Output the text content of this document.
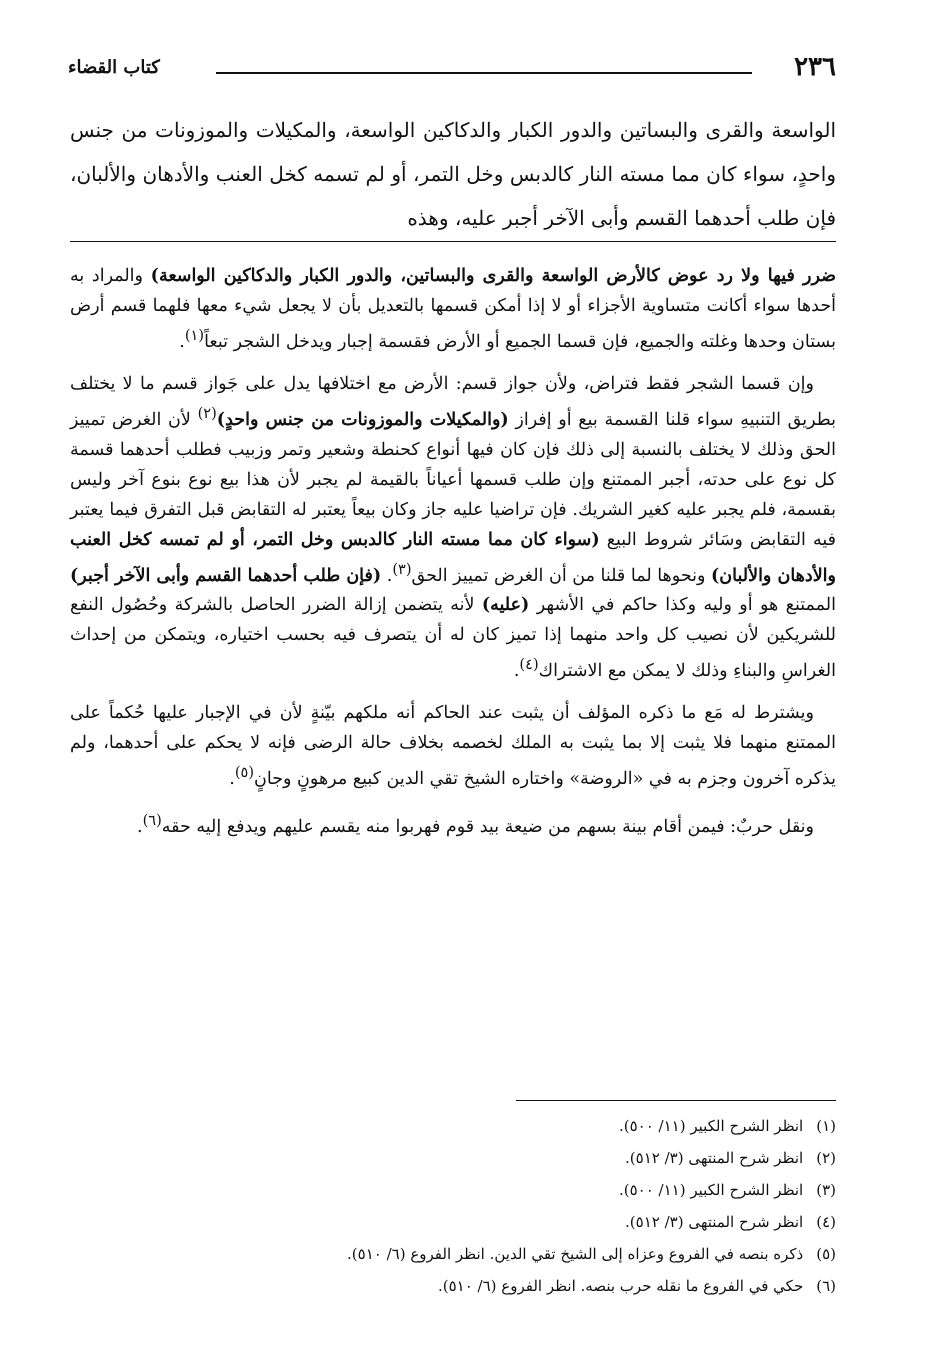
٢٣٦
كتاب القضاء

الواسعة والقرى والبساتين والدور الكبار والدكاكين الواسعة، والمكيلات والموزونات من جنس واحدٍ، سواء كان مما مسته النار كالدبس وخل التمر، أو لم تسمه كخل العنب والأدهان والألبان، فإن طلب أحدهما القسم وأبى الآخر أجبر عليه، وهذه

ضرر فيها ولا رد عوض كالأرض الواسعة والقرى والبساتين، والدور الكبار والدكاكين الواسعة) والمراد به أحدها سواء أكانت متساوية الأجزاء أو لا إذا أمكن قسمها بالتعديل بأن لا يجعل شيء معها فلهما قسم أرض بستان وحدها وغلته والجميع، فإن قسما الجميع أو الأرض فقسمة إجبار ويدخل الشجر تبعاً$^{(١)}$.

وإن قسما الشجر فقط فتراض، ولأن جواز قسم: الأرض مع اختلافها يدل على جَواز قسم ما لا يختلف بطريق التنبيهِ سواء قلنا القسمة بيع أو إفراز (والمكيلات والموزونات من جنس واحدٍ)$^{(٢)}$ لأن الغرض تمييز الحق وذلك لا يختلف بالنسبة إلى ذلك فإن كان فيها أنواع كحنطة وشعير وتمر وزبيب فطلب أحدهما قسمة كل نوع على حدته، أجبر الممتنع وإن طلب قسمها أعياناً بالقيمة لم يجبر لأن هذا بيع نوع بنوع آخر وليس بقسمة، فلم يجبر عليه كغير الشريك. فإن تراضيا عليه جاز وكان بيعاً يعتبر له التقابض قبل التفرق فيما يعتبر فيه التقابض وسَائر شروط البيع (سواء كان مما مسته النار كالدبس وخل التمر، أو لم تمسه كخل العنب والأدهان والألبان) ونحوها لما قلنا من أن الغرض تمييز الحق$^{(٣)}$. (فإن طلب أحدهما القسم وأبى الآخر أجبر) الممتنع هو أو وليه وكذا حاكم في الأشهر (عليه) لأنه يتضمن إزالة الضرر الحاصل بالشركة وحُصُول النفع للشريكين لأن نصيب كل واحد منهما إذا تميز كان له أن يتصرف فيه بحسب اختياره، ويتمكن من إحداث الغراسِ والبناءِ وذلك لا يمكن مع الاشتراك$^{(٤)}$.

ويشترط له مَع ما ذكره المؤلف أن يثبت عند الحاكم أنه ملكهم بيّنةٍ لأن في الإجبار عليها حُكماً على الممتنع منهما فلا يثبت إلا بما يثبت به الملك لخصمه بخلاف حالة الرضى فإنه لا يحكم على أحدهما، ولم يذكره آخرون وجزم به في «الروضة» واختاره الشيخ تقي الدين كبيع مرهونٍ وجانٍ$^{(٥)}$.

ونقل حربٌ: فيمن أقام بينة بسهم من ضيعة بيد قوم فهربوا منه يقسم عليهم ويدفع إليه حقه$^{(٦)}$.

(١) انظر الشرح الكبير (١١/ ٥٠٠).
(٢) انظر شرح المنتهى (٣/ ٥١٢).
(٣) انظر الشرح الكبير (١١/ ٥٠٠).
(٤) انظر شرح المنتهى (٣/ ٥١٢).
(٥) ذكره بنصه في الفروع وعزاه إلى الشيخ تقي الدين. انظر الفروع (٦/ ٥١٠).
(٦) حكي في الفروع ما نقله حرب بنصه. انظر الفروع (٦/ ٥١٠).
